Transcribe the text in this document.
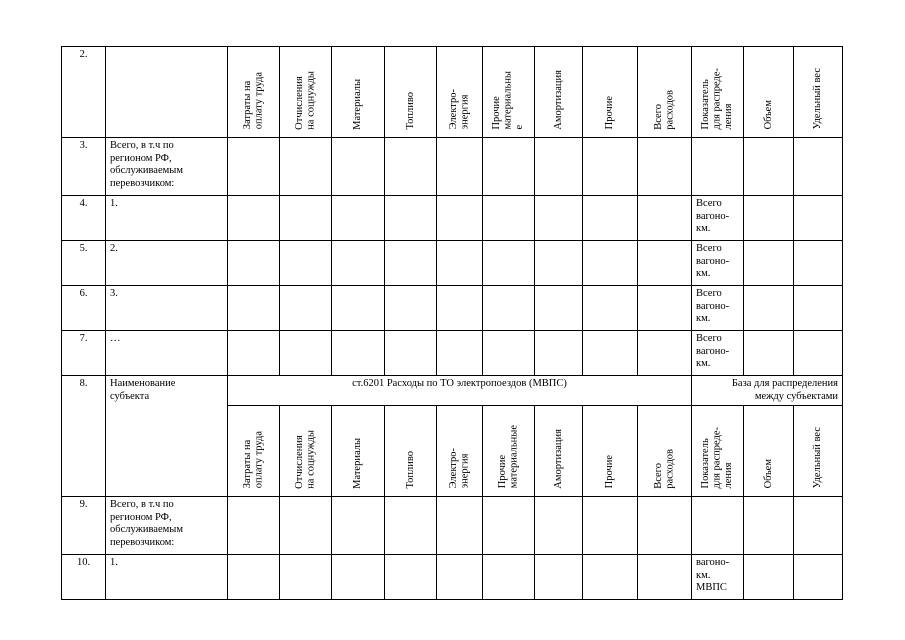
2.		Затраты на
оплату труда	Отчисления
на соцнужды	Материалы	Топливо	Электро-
энергия	Прочие
материальны
е	Амортизация	Прочие	Всего
расходов	Показатель
для распреде-
ления	Объем	Удельный вес
3.	Всего, в т.ч по
регионом РФ,
обслуживаемым
перевозчиком:												
4.	1.										Всего
вагоно-
км.		
5.	2.										Всего
вагоно-
км.		
6.	3.										Всего
вагоно-
км.		
7.	…										Всего
вагоно-
км.		
8.	Наименование
субъекта	ст.6201 Расходы по ТО электропоездов (МВПС)									База для распределения
между субъектами		
		Затраты на
оплату труда	Отчисления
на соцнужды	Материалы	Топливо	Электро-
энергия	Прочие
материальные	Амортизация	Прочие	Всего
расходов	Показатель
для распреде-
ления	Объем	Удельный вес
9.	Всего, в т.ч по
регионом РФ,
обслуживаемым
перевозчиком:												
10.	1.										вагоно-
км.
МВПС		
